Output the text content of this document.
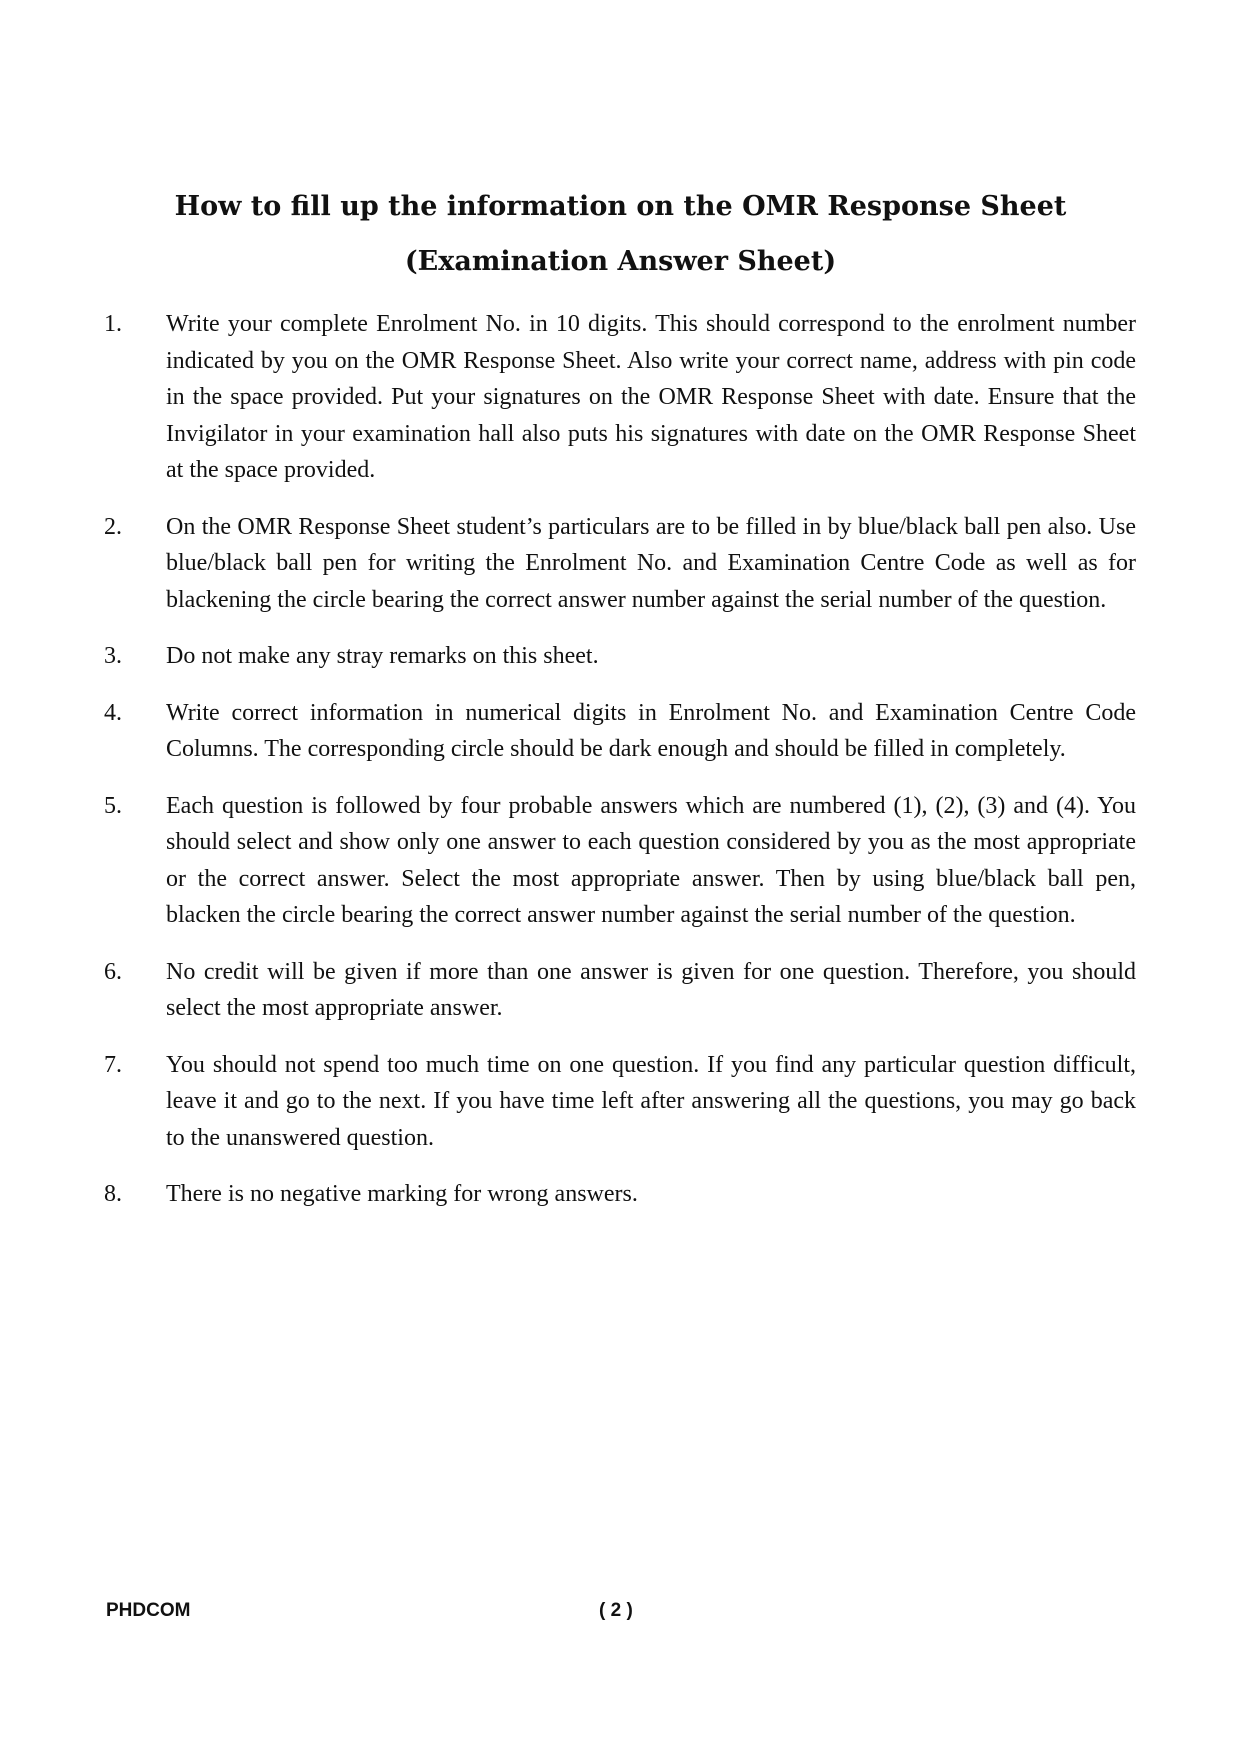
How to fill up the information on the OMR Response Sheet
(Examination Answer Sheet)
1.	Write your complete Enrolment No. in 10 digits. This should correspond to the enrolment number indicated by you on the OMR Response Sheet. Also write your correct name, address with pin code in the space provided. Put your signatures on the OMR Response Sheet with date. Ensure that the Invigilator in your examination hall also puts his signatures with date on the OMR Response Sheet at the space provided.
2.	On the OMR Response Sheet student’s particulars are to be filled in by blue/black ball pen also. Use blue/black ball pen for writing the Enrolment No. and Examination Centre Code as well as for blackening the circle bearing the correct answer number against the serial number of the question.
3.	Do not make any stray remarks on this sheet.
4.	Write correct information in numerical digits in Enrolment No. and Examination Centre Code Columns. The corresponding circle should be dark enough and should be filled in completely.
5.	Each question is followed by four probable answers which are numbered (1), (2), (3) and (4). You should select and show only one answer to each question considered by you as the most appropriate or the correct answer. Select the most appropriate answer. Then by using blue/black ball pen, blacken the circle bearing the correct answer number against the serial number of the question.
6.	No credit will be given if more than one answer is given for one question. Therefore, you should select the most appropriate answer.
7.	You should not spend too much time on one question. If you find any particular question difficult, leave it and go to the next. If you have time left after answering all the questions, you may go back to the unanswered question.
8.	There is no negative marking for wrong answers.
PHDCOM	( 2 )
